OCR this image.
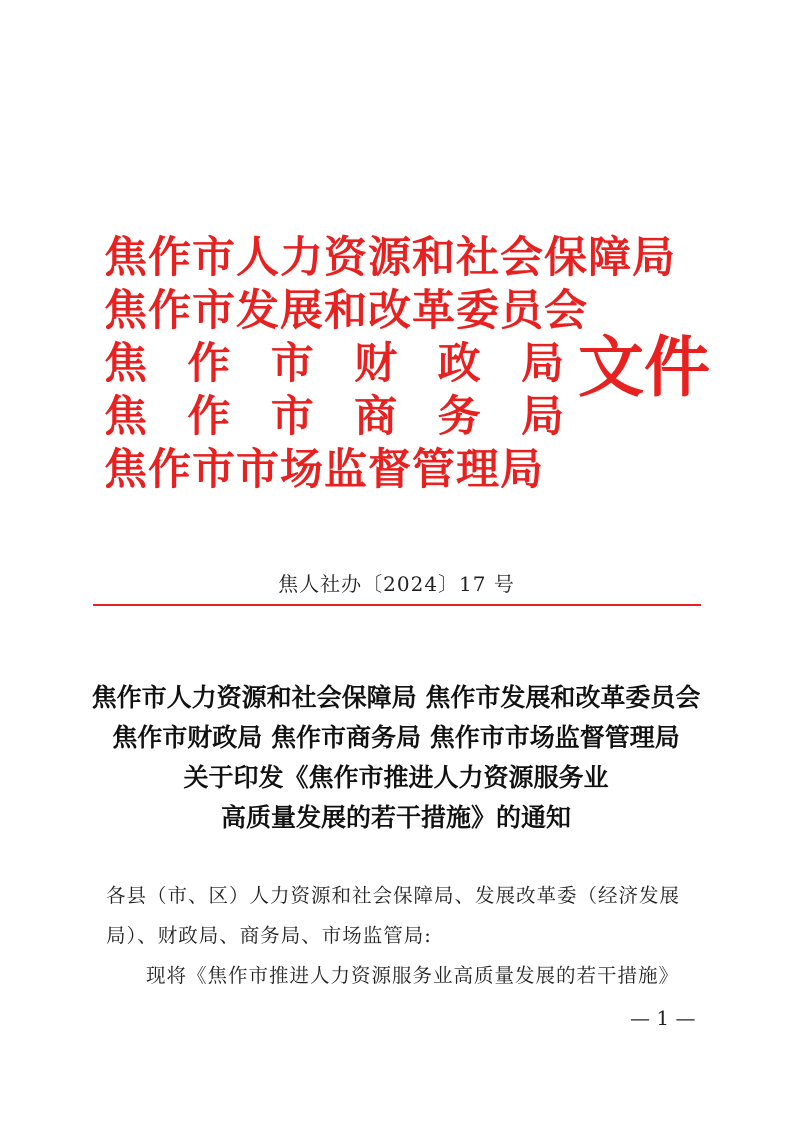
焦作市人力资源和社会保障局
焦作市发展和改革委员会
焦 作 市 财 政 局
焦 作 市 商 务 局
焦作市市场监督管理局
文件
焦人社办〔2024〕17 号
焦作市人力资源和社会保障局 焦作市发展和改革委员会
焦作市财政局 焦作市商务局 焦作市市场监督管理局
关于印发《焦作市推进人力资源服务业
高质量发展的若干措施》的通知

各县（市、区）人力资源和社会保障局、发展改革委（经济发展局）、财政局、商务局、市场监管局:

现将《焦作市推进人力资源服务业高质量发展的若干措施》

— 1 —
